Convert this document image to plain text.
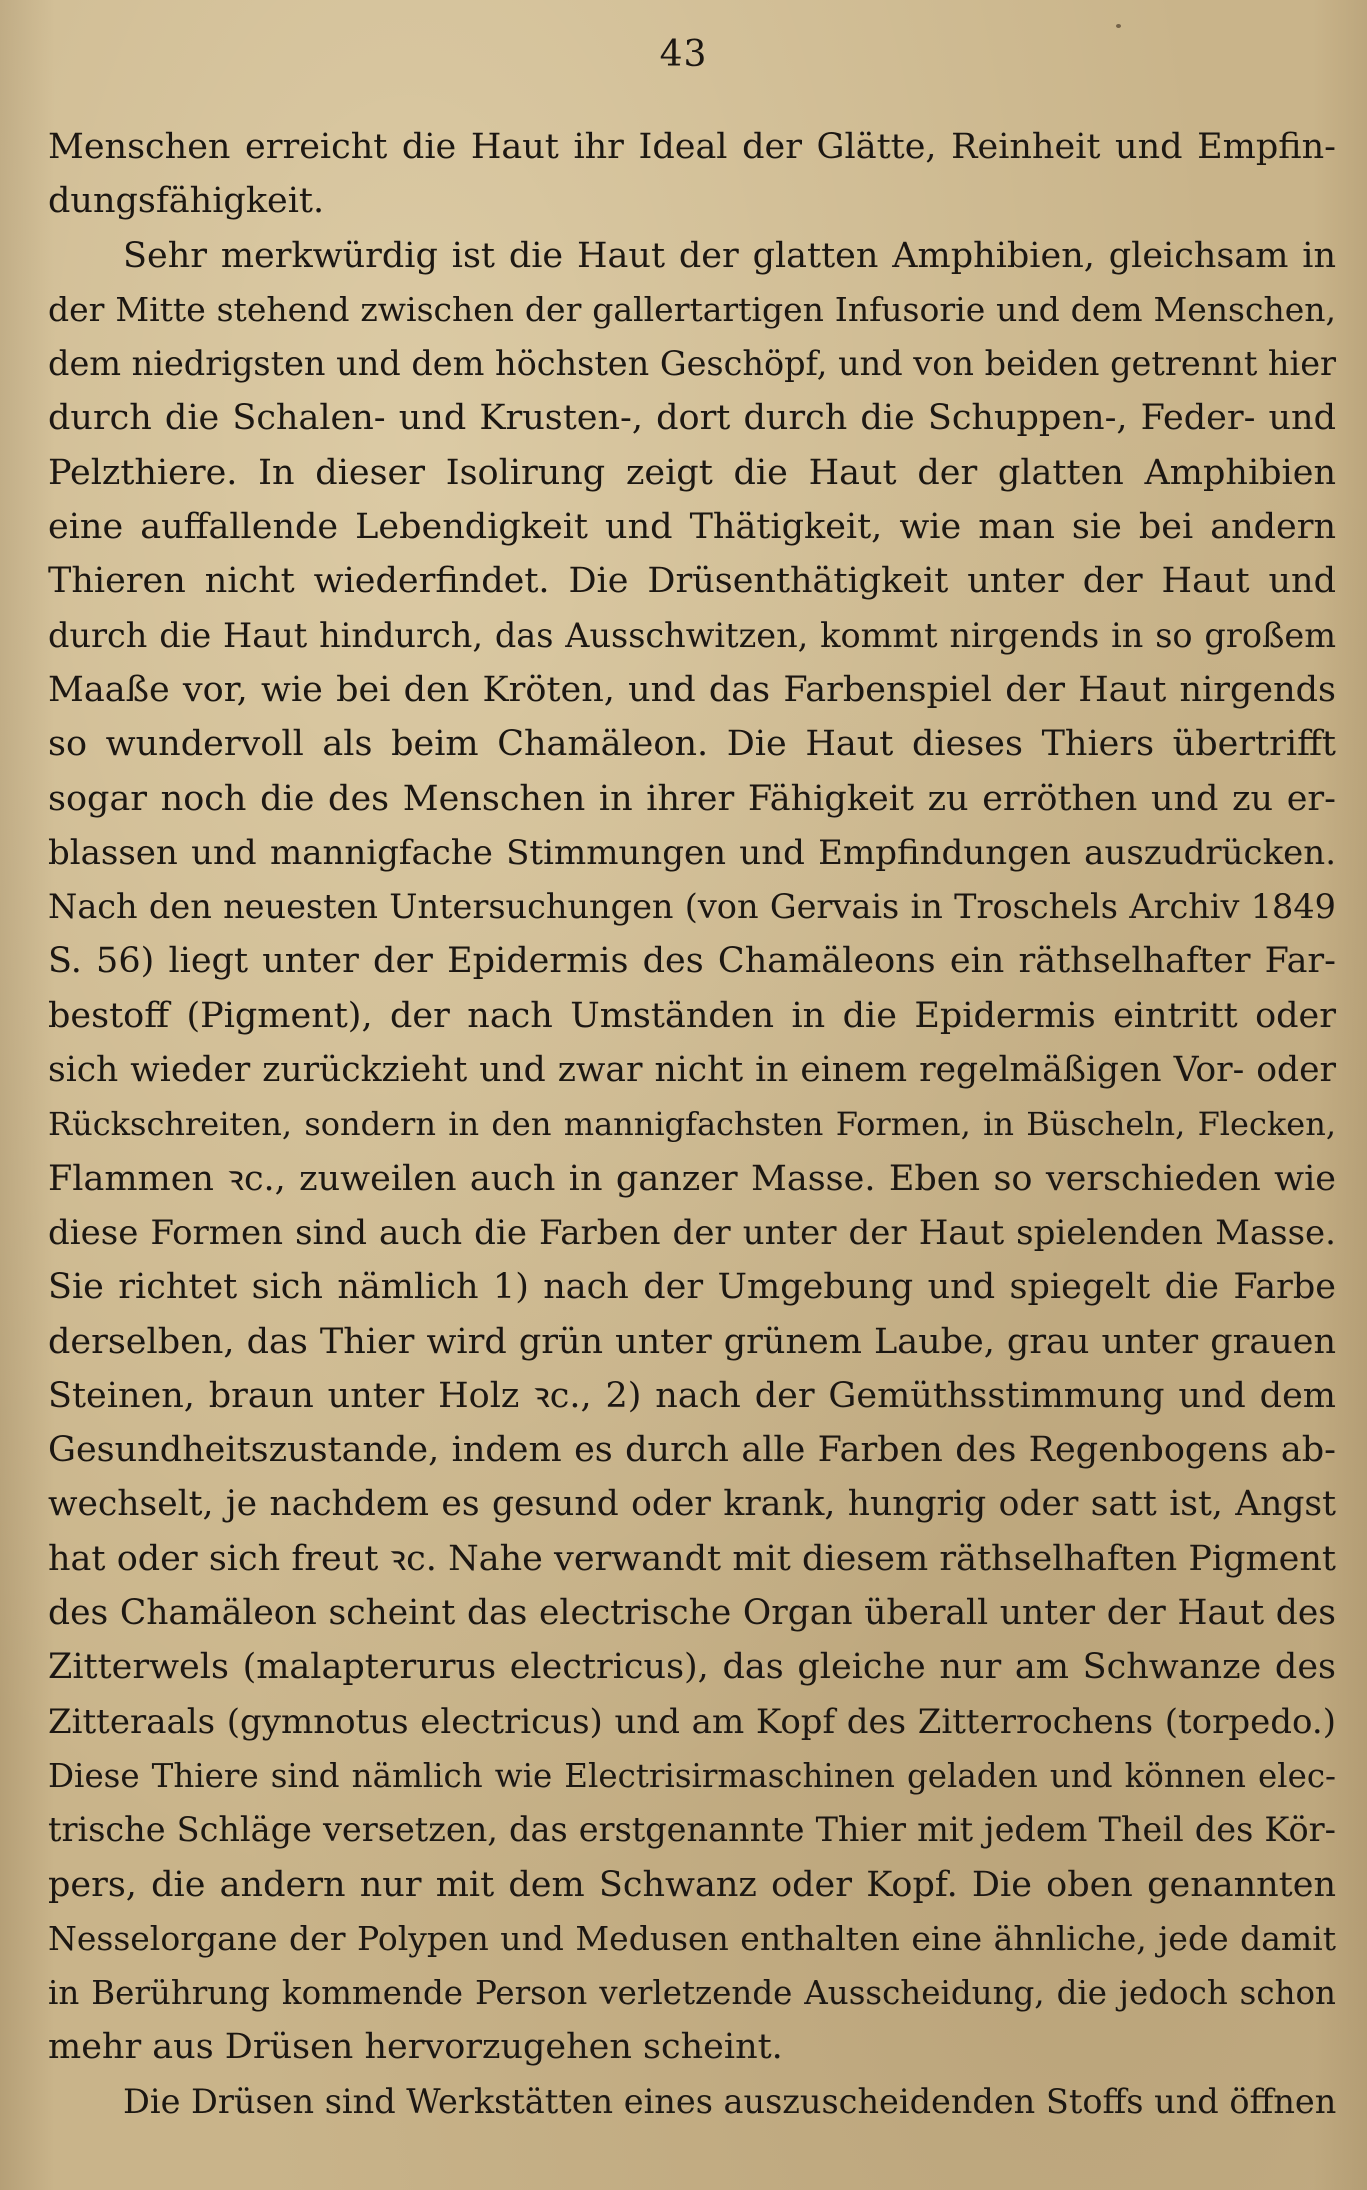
43
Menschen erreicht die Haut ihr Ideal der Glätte, Reinheit und Empfin-
dungsfähigkeit.
Sehr merkwürdig ist die Haut der glatten Amphibien, gleichsam in
der Mitte stehend zwischen der gallertartigen Infusorie und dem Menschen,
dem niedrigsten und dem höchsten Geschöpf, und von beiden getrennt hier
durch die Schalen- und Krusten-, dort durch die Schuppen-, Feder- und
Pelzthiere. In dieser Isolirung zeigt die Haut der glatten Amphibien
eine auffallende Lebendigkeit und Thätigkeit, wie man sie bei andern
Thieren nicht wiederfindet. Die Drüsenthätigkeit unter der Haut und
durch die Haut hindurch, das Ausschwitzen, kommt nirgends in so großem
Maaße vor, wie bei den Kröten, und das Farbenspiel der Haut nirgends
so wundervoll als beim Chamäleon. Die Haut dieses Thiers übertrifft
sogar noch die des Menschen in ihrer Fähigkeit zu erröthen und zu er-
blassen und mannigfache Stimmungen und Empfindungen auszudrücken.
Nach den neuesten Untersuchungen (von Gervais in Troschels Archiv 1849
S. 56) liegt unter der Epidermis des Chamäleons ein räthselhafter Far-
bestoff (Pigment), der nach Umständen in die Epidermis eintritt oder
sich wieder zurückzieht und zwar nicht in einem regelmäßigen Vor- oder
Rückschreiten, sondern in den mannigfachsten Formen, in Büscheln, Flecken,
Flammen ꝛc., zuweilen auch in ganzer Masse. Eben so verschieden wie
diese Formen sind auch die Farben der unter der Haut spielenden Masse.
Sie richtet sich nämlich 1) nach der Umgebung und spiegelt die Farbe
derselben, das Thier wird grün unter grünem Laube, grau unter grauen
Steinen, braun unter Holz ꝛc., 2) nach der Gemüthsstimmung und dem
Gesundheitszustande, indem es durch alle Farben des Regenbogens ab-
wechselt, je nachdem es gesund oder krank, hungrig oder satt ist, Angst
hat oder sich freut ꝛc. Nahe verwandt mit diesem räthselhaften Pigment
des Chamäleon scheint das electrische Organ überall unter der Haut des
Zitterwels (malapterurus electricus), das gleiche nur am Schwanze des
Zitteraals (gymnotus electricus) und am Kopf des Zitterrochens (torpedo.)
Diese Thiere sind nämlich wie Electrisirmaschinen geladen und können elec-
trische Schläge versetzen, das erstgenannte Thier mit jedem Theil des Kör-
pers, die andern nur mit dem Schwanz oder Kopf. Die oben genannten
Nesselorgane der Polypen und Medusen enthalten eine ähnliche, jede damit
in Berührung kommende Person verletzende Ausscheidung, die jedoch schon
mehr aus Drüsen hervorzugehen scheint.
Die Drüsen sind Werkstätten eines auszuscheidenden Stoffs und öffnen
